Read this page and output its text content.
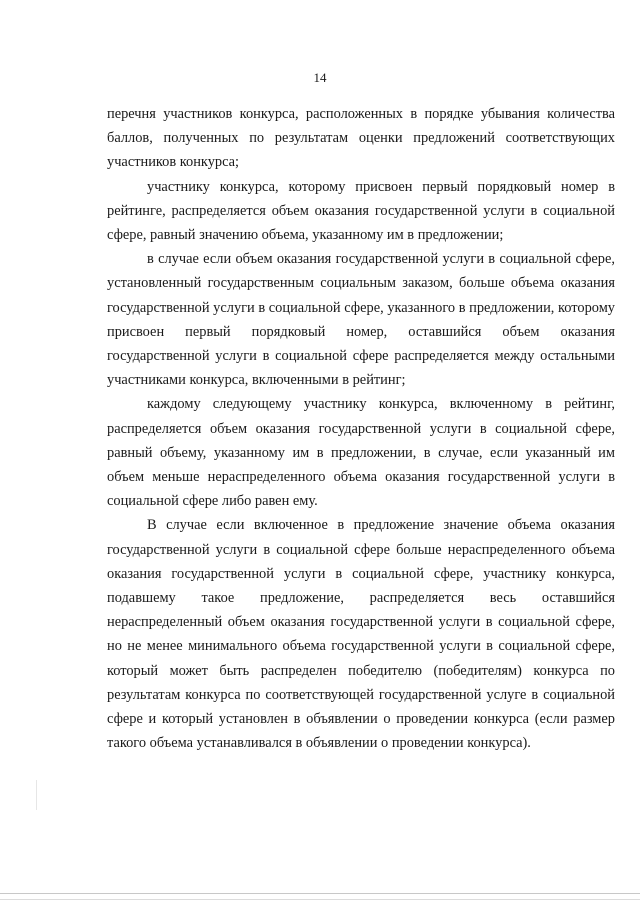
14

перечня участников конкурса, расположенных в порядке убывания количества баллов, полученных по результатам оценки предложений соответствующих участников конкурса;

участнику конкурса, которому присвоен первый порядковый номер в рейтинге, распределяется объем оказания государственной услуги в социальной сфере, равный значению объема, указанному им в предложении;

в случае если объем оказания государственной услуги в социальной сфере, установленный государственным социальным заказом, больше объема оказания государственной услуги в социальной сфере, указанного в предложении, которому присвоен первый порядковый номер, оставшийся объем оказания государственной услуги в социальной сфере распределяется между остальными участниками конкурса, включенными в рейтинг;

каждому следующему участнику конкурса, включенному в рейтинг, распределяется объем оказания государственной услуги в социальной сфере, равный объему, указанному им в предложении, в случае, если указанный им объем меньше нераспределенного объема оказания государственной услуги в социальной сфере либо равен ему.

В случае если включенное в предложение значение объема оказания государственной услуги в социальной сфере больше нераспределенного объема оказания государственной услуги в социальной сфере, участнику конкурса, подавшему такое предложение, распределяется весь оставшийся нераспределенный объем оказания государственной услуги в социальной сфере, но не менее минимального объема государственной услуги в социальной сфере, который может быть распределен победителю (победителям) конкурса по результатам конкурса по соответствующей государственной услуге в социальной сфере и который установлен в объявлении о проведении конкурса (если размер такого объема устанавливался в объявлении о проведении конкурса).
